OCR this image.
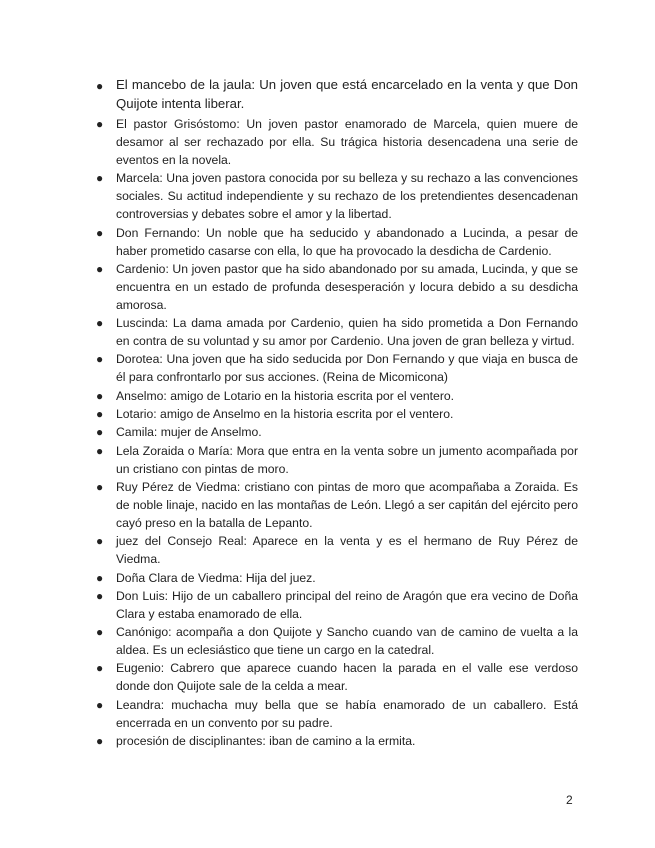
● El mancebo de la jaula: Un joven que está encarcelado en la venta y que Don Quijote intenta liberar.
● El pastor Grisóstomo: Un joven pastor enamorado de Marcela, quien muere de desamor al ser rechazado por ella. Su trágica historia desencadena una serie de eventos en la novela.
● Marcela: Una joven pastora conocida por su belleza y su rechazo a las convenciones sociales. Su actitud independiente y su rechazo de los pretendientes desencadenan controversias y debates sobre el amor y la libertad.
● Don Fernando: Un noble que ha seducido y abandonado a Lucinda, a pesar de haber prometido casarse con ella, lo que ha provocado la desdicha de Cardenio.
● Cardenio: Un joven pastor que ha sido abandonado por su amada, Lucinda, y que se encuentra en un estado de profunda desesperación y locura debido a su desdicha amorosa.
● Luscinda: La dama amada por Cardenio, quien ha sido prometida a Don Fernando en contra de su voluntad y su amor por Cardenio. Una joven de gran belleza y virtud.
● Dorotea: Una joven que ha sido seducida por Don Fernando y que viaja en busca de él para confrontarlo por sus acciones. (Reina de Micomicona)
● Anselmo: amigo de Lotario en la historia escrita por el ventero.
● Lotario: amigo de Anselmo en la historia escrita por el ventero.
● Camila: mujer de Anselmo.
● Lela Zoraida o María: Mora que entra en la venta sobre un jumento acompañada por un cristiano con pintas de moro.
● Ruy Pérez de Viedma: cristiano con pintas de moro que acompañaba a Zoraida. Es de noble linaje, nacido en las montañas de León. Llegó a ser capitán del ejército pero cayó preso en la batalla de Lepanto.
● juez del Consejo Real: Aparece en la venta y es el hermano de Ruy Pérez de Viedma.
● Doña Clara de Viedma: Hija del juez.
● Don Luis: Hijo de un caballero principal del reino de Aragón que era vecino de Doña Clara y estaba enamorado de ella.
● Canónigo: acompaña a don Quijote y Sancho cuando van de camino de vuelta a la aldea. Es un eclesiástico que tiene un cargo en la catedral.
● Eugenio: Cabrero que aparece cuando hacen la parada en el valle ese verdoso donde don Quijote sale de la celda a mear.
● Leandra: muchacha muy bella que se había enamorado de un caballero. Está encerrada en un convento por su padre.
● procesión de disciplinantes: iban de camino a la ermita.
2
